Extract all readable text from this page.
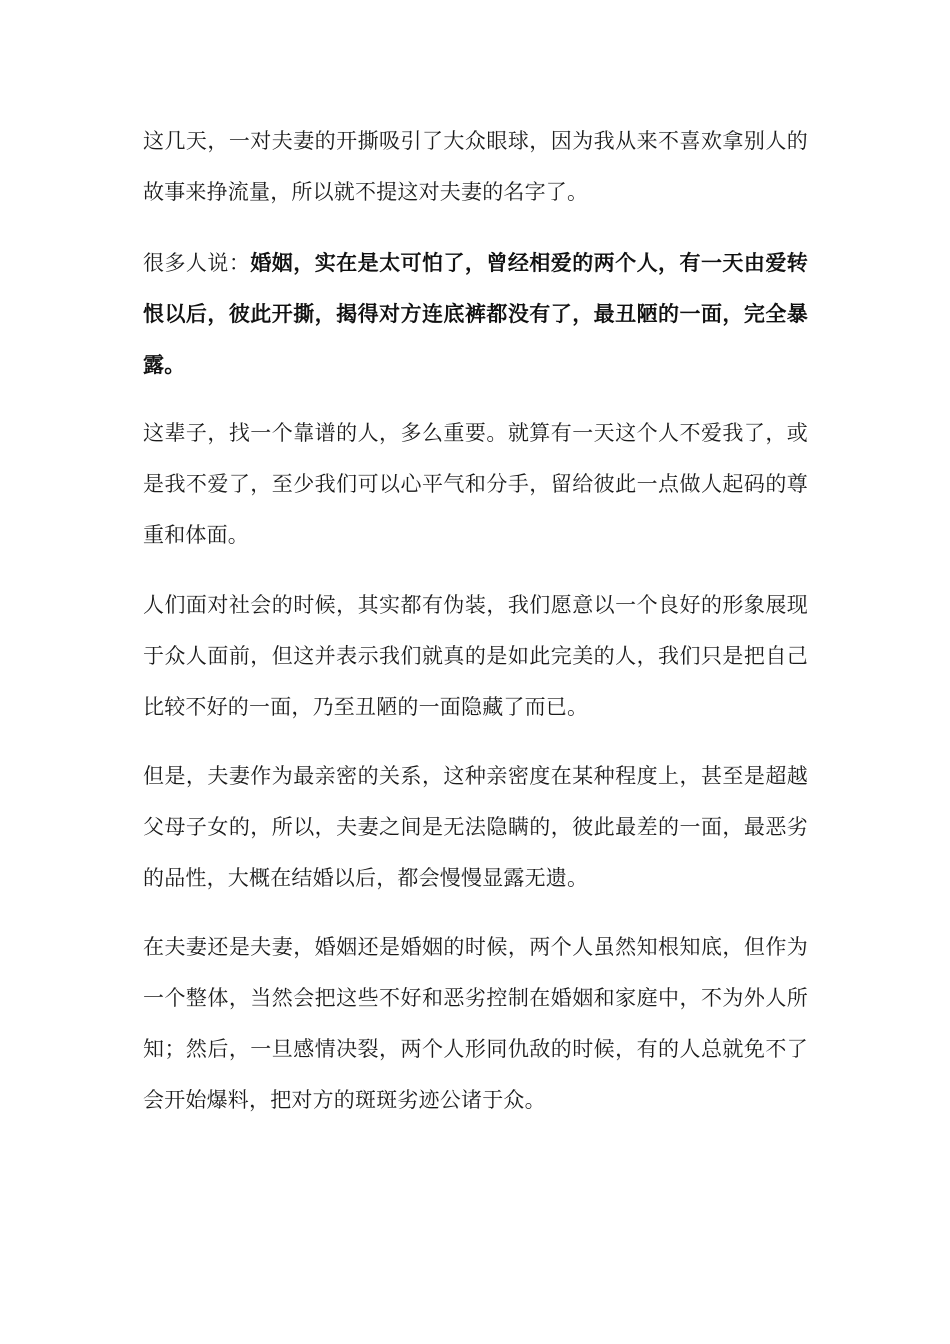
这几天，一对夫妻的开撕吸引了大众眼球，因为我从来不喜欢拿别人的故事来挣流量，所以就不提这对夫妻的名字了。

很多人说：婚姻，实在是太可怕了，曾经相爱的两个人，有一天由爱转恨以后，彼此开撕，揭得对方连底裤都没有了，最丑陋的一面，完全暴露。

这辈子，找一个靠谱的人，多么重要。就算有一天这个人不爱我了，或是我不爱了，至少我们可以心平气和分手，留给彼此一点做人起码的尊重和体面。

人们面对社会的时候，其实都有伪装，我们愿意以一个良好的形象展现于众人面前，但这并表示我们就真的是如此完美的人，我们只是把自己比较不好的一面，乃至丑陋的一面隐藏了而已。

但是，夫妻作为最亲密的关系，这种亲密度在某种程度上，甚至是超越父母子女的，所以，夫妻之间是无法隐瞒的，彼此最差的一面，最恶劣的品性，大概在结婚以后，都会慢慢显露无遗。

在夫妻还是夫妻，婚姻还是婚姻的时候，两个人虽然知根知底，但作为一个整体，当然会把这些不好和恶劣控制在婚姻和家庭中，不为外人所知；然后，一旦感情决裂，两个人形同仇敌的时候，有的人总就免不了会开始爆料，把对方的斑斑劣迹公诸于众。
